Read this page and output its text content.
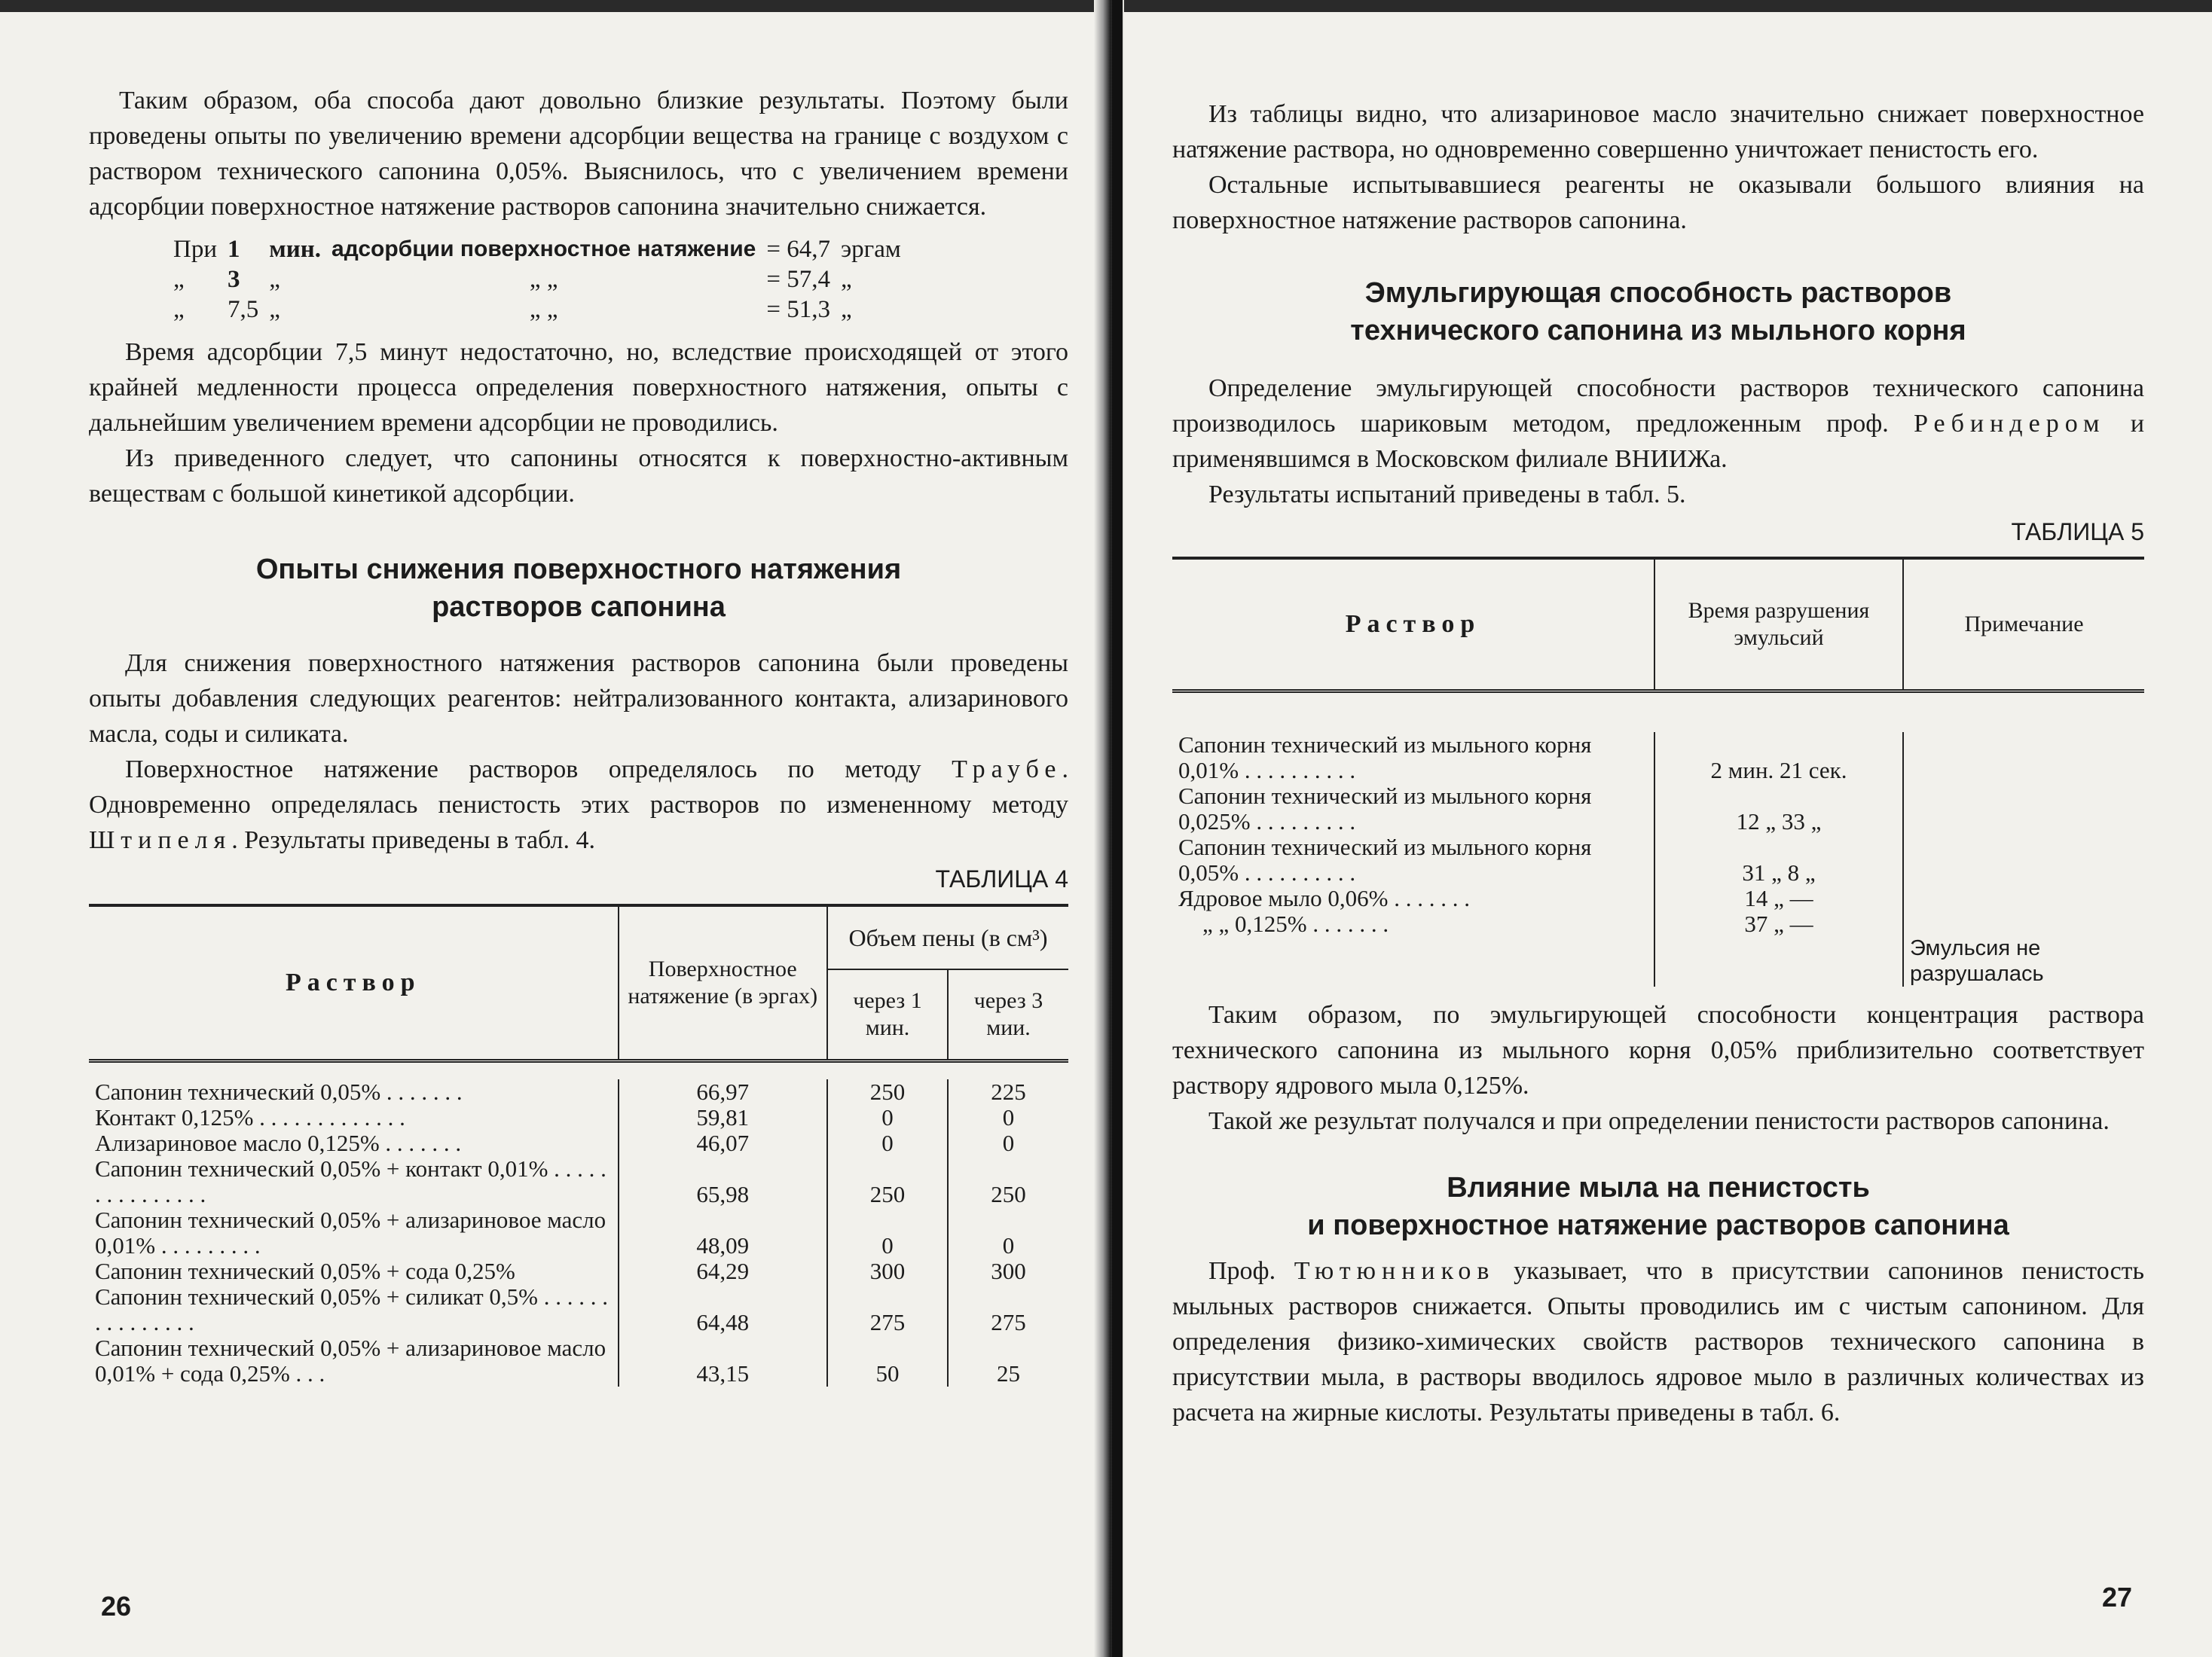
Таким образом, оба способа дают довольно близкие результаты. Поэтому были проведены опыты по увеличению времени адсорбции вещества на границе с воздухом с раствором технического сапонина 0,05%. Выяснилось, что с увеличением времени адсорбции поверхностное натяжение растворов сапонина значительно снижается.

При	1	мин.	адсорбции поверхностное натяжение	= 64,7	эргам
„	3	„	„ „	= 57,4	„
„	7,5	„	„ „	= 51,3	„

Время адсорбции 7,5 минут недостаточно, но, вследствие происходящей от этого крайней медленности процесса определения поверхностного натяжения, опыты с дальнейшим увеличением времени адсорбции не проводились.

Из приведенного следует, что сапонины относятся к поверхностно-активным веществам с большой кинетикой адсорбции.

Опыты снижения поверхностного натяжения
растворов сапонина

Для снижения поверхностного натяжения растворов сапонина были проведены опыты добавления следующих реагентов: нейтрализованного контакта, ализаринового масла, соды и силиката.

Поверхностное натяжение растворов определялось по методу Траубе. Одновременно определялась пенистость этих растворов по измененному методу Штипеля. Результаты приведены в табл. 4.

ТАБЛИЦА 4

Раствор	Поверхностное натяжение (в эргах)	Объем пены (в см³)	
		через 1 мин.	через 3 мии.

Сапонин технический 0,05% . . . . . . .	66,97	250	225
Контакт 0,125% . . . . . . . . . . . . .	59,81	0	0
Ализариновое масло 0,125% . . . . . . .	46,07	0	0
Сапонин технический 0,05% + контакт 0,01% . . . . . . . . . . . . . . .	65,98	250	250
Сапонин технический 0,05% + ализариновое масло 0,01% . . . . . . . . .	48,09	0	0
Сапонин технический 0,05% + сода 0,25%	64,29	300	300
Сапонин технический 0,05% + силикат 0,5% . . . . . . . . . . . . . . .	64,48	275	275
Сапонин технический 0,05% + ализариновое масло 0,01% + сода 0,25% . . .	43,15	50	25
26

Из таблицы видно, что ализариновое масло значительно снижает поверхностное натяжение раствора, но одновременно совершенно уничтожает пенистость его.

Остальные испытывавшиеся реагенты не оказывали большого влияния на поверхностное натяжение растворов сапонина.

Эмульгирующая способность растворов
технического сапонина из мыльного корня

Определение эмульгирующей способности растворов технического сапонина производилось шариковым методом, предложенным проф. Ребиндером и применявшимся в Московском филиале ВНИИЖа.

Результаты испытаний приведены в табл. 5.

ТАБЛИЦА 5

Раствор	Время разрушения эмульсий	Примечание

Сапонин технический из мыльного корня 0,01% . . . . . . . . . .	2 мин. 21 сек.	
Сапонин технический из мыльного корня 0,025% . . . . . . . . .	12 „ 33 „	
Сапонин технический из мыльного корня 0,05% . . . . . . . . . .	31 „ 8 „	
Ядровое мыло 0,06% . . . . . . .	14 „ —	
„ „ 0,125% . . . . . . .	37 „ —	Эмульсия не разрушалась

Таким образом, по эмульгирующей способности концентрация раствора технического сапонина из мыльного корня 0,05% приблизительно соответствует раствору ядрового мыла 0,125%.

Такой же результат получался и при определении пенистости растворов сапонина.

Влияние мыла на пенистость
и поверхностное натяжение растворов сапонина

Проф. Тютюнников указывает, что в присутствии сапонинов пенистость мыльных растворов снижается. Опыты проводились им с чистым сапонином. Для определения физико-химических свойств растворов технического сапонина в присутствии мыла, в растворы вводилось ядровое мыло в различных количествах из расчета на жирные кислоты. Результаты приведены в табл. 6.

27
